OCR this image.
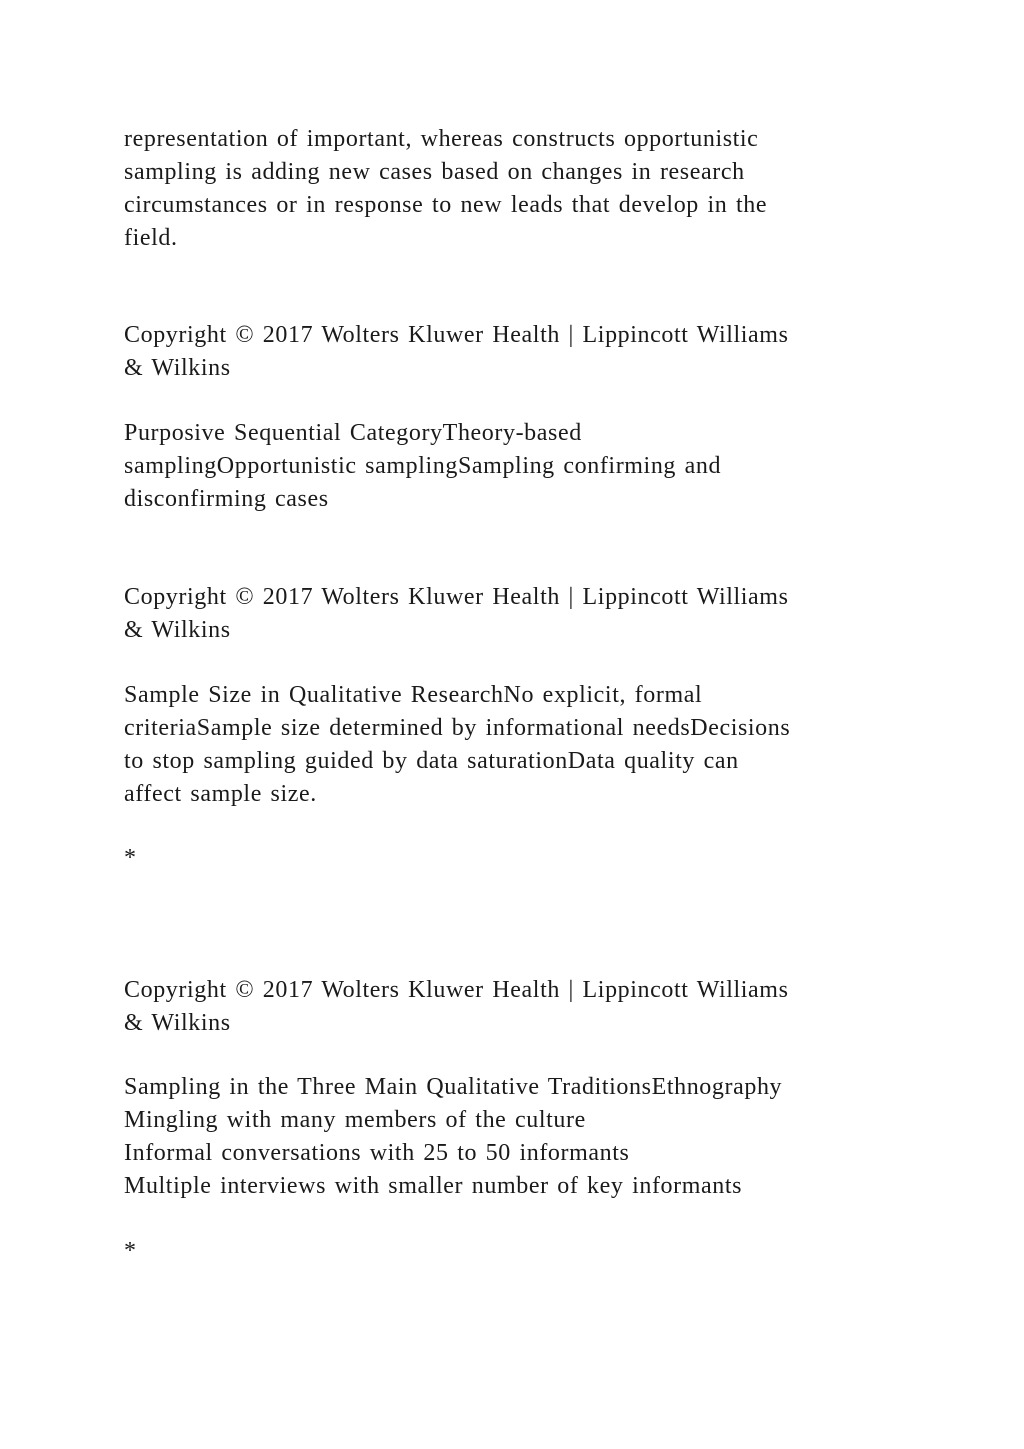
representation of important, whereas constructs opportunistic
sampling is adding new cases based on changes in research
circumstances or in response to new leads that develop in the
field.

Copyright © 2017 Wolters Kluwer Health | Lippincott Williams
& Wilkins

Purposive Sequential CategoryTheory-based
samplingOpportunistic samplingSampling confirming and
disconfirming cases

Copyright © 2017 Wolters Kluwer Health | Lippincott Williams
& Wilkins

Sample Size in Qualitative ResearchNo explicit, formal
criteriaSample size determined by informational needsDecisions
to stop sampling guided by data saturationData quality can
affect sample size.

*

Copyright © 2017 Wolters Kluwer Health | Lippincott Williams
& Wilkins

Sampling in the Three Main Qualitative TraditionsEthnography
Mingling with many members of the culture
Informal conversations with 25 to 50 informants
Multiple interviews with smaller number of key informants

*
